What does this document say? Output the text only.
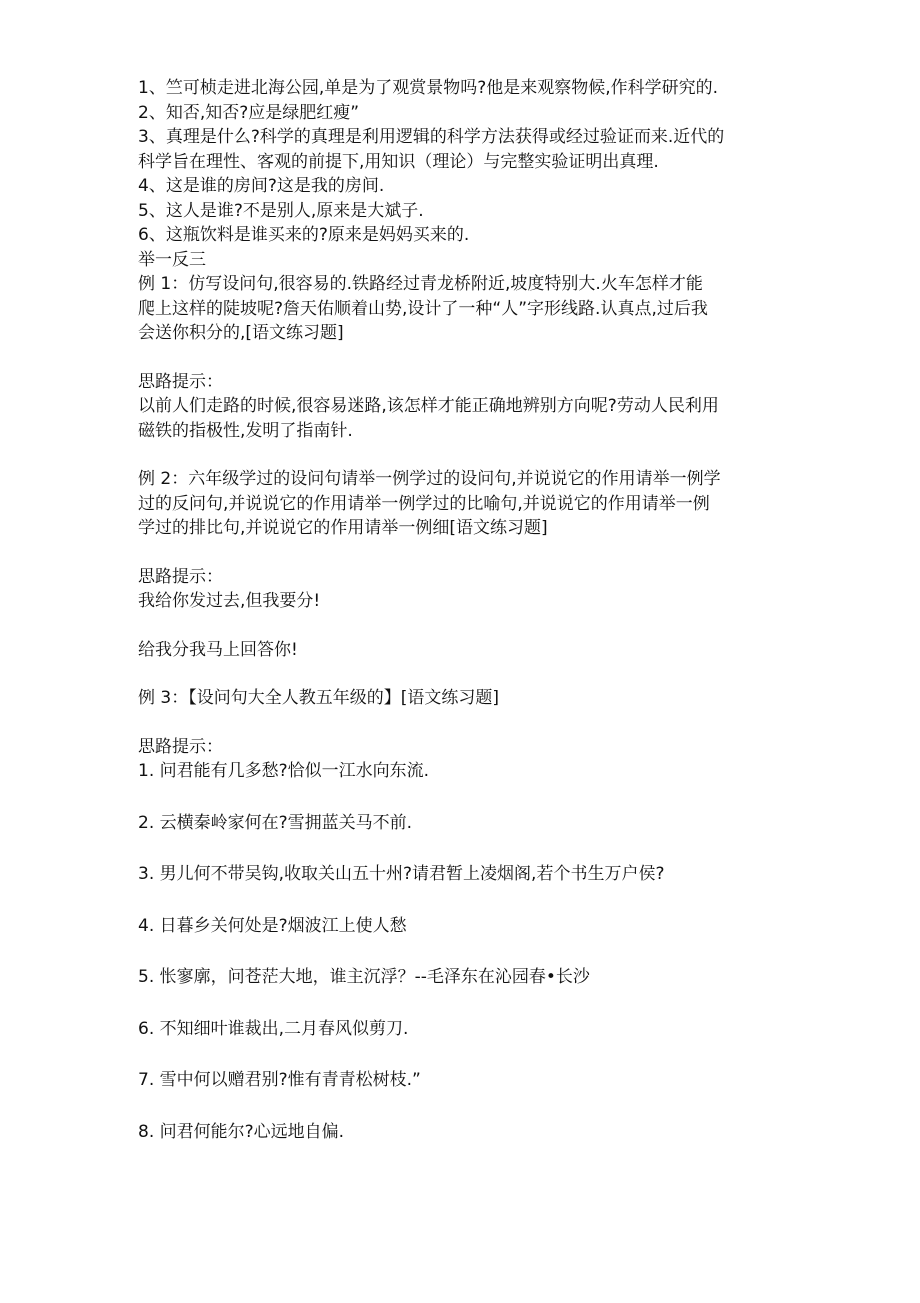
1、竺可桢走进北海公园,单是为了观赏景物吗?他是来观察物候,作科学研究的.

2、知否,知否?应是绿肥红瘦”

3、真理是什么?科学的真理是利用逻辑的科学方法获得或经过验证而来.近代的

科学旨在理性、客观的前提下,用知识（理论）与完整实验证明出真理.

4、这是谁的房间?这是我的房间.

5、这人是谁?不是别人,原来是大斌子.

6、这瓶饮料是谁买来的?原来是妈妈买来的.

举一反三

例 1：仿写设问句,很容易的.铁路经过青龙桥附近,坡度特别大.火车怎样才能

爬上这样的陡坡呢?詹天佑顺着山势,设计了一种“人”字形线路.认真点,过后我

会送你积分的,[语文练习题]

思路提示：

以前人们走路的时候,很容易迷路,该怎样才能正确地辨别方向呢?劳动人民利用

磁铁的指极性,发明了指南针.

例 2：六年级学过的设问句请举一例学过的设问句,并说说它的作用请举一例学

过的反问句,并说说它的作用请举一例学过的比喻句,并说说它的作用请举一例

学过的排比句,并说说它的作用请举一例细[语文练习题]

思路提示：

我给你发过去,但我要分!

给我分我马上回答你!

例 3：【设问句大全人教五年级的】[语文练习题]

思路提示：

1. 问君能有几多愁?恰似一江水向东流.

2. 云横秦岭家何在?雪拥蓝关马不前.

3. 男儿何不带吴钩,收取关山五十州?请君暂上凌烟阁,若个书生万户侯?

4. 日暮乡关何处是?烟波江上使人愁

5. 怅寥廓，问苍茫大地，谁主沉浮？--毛泽东在沁园春•长沙

6. 不知细叶谁裁出,二月春风似剪刀.

7. 雪中何以赠君别?惟有青青松树枝.”

8. 问君何能尔?心远地自偏.
